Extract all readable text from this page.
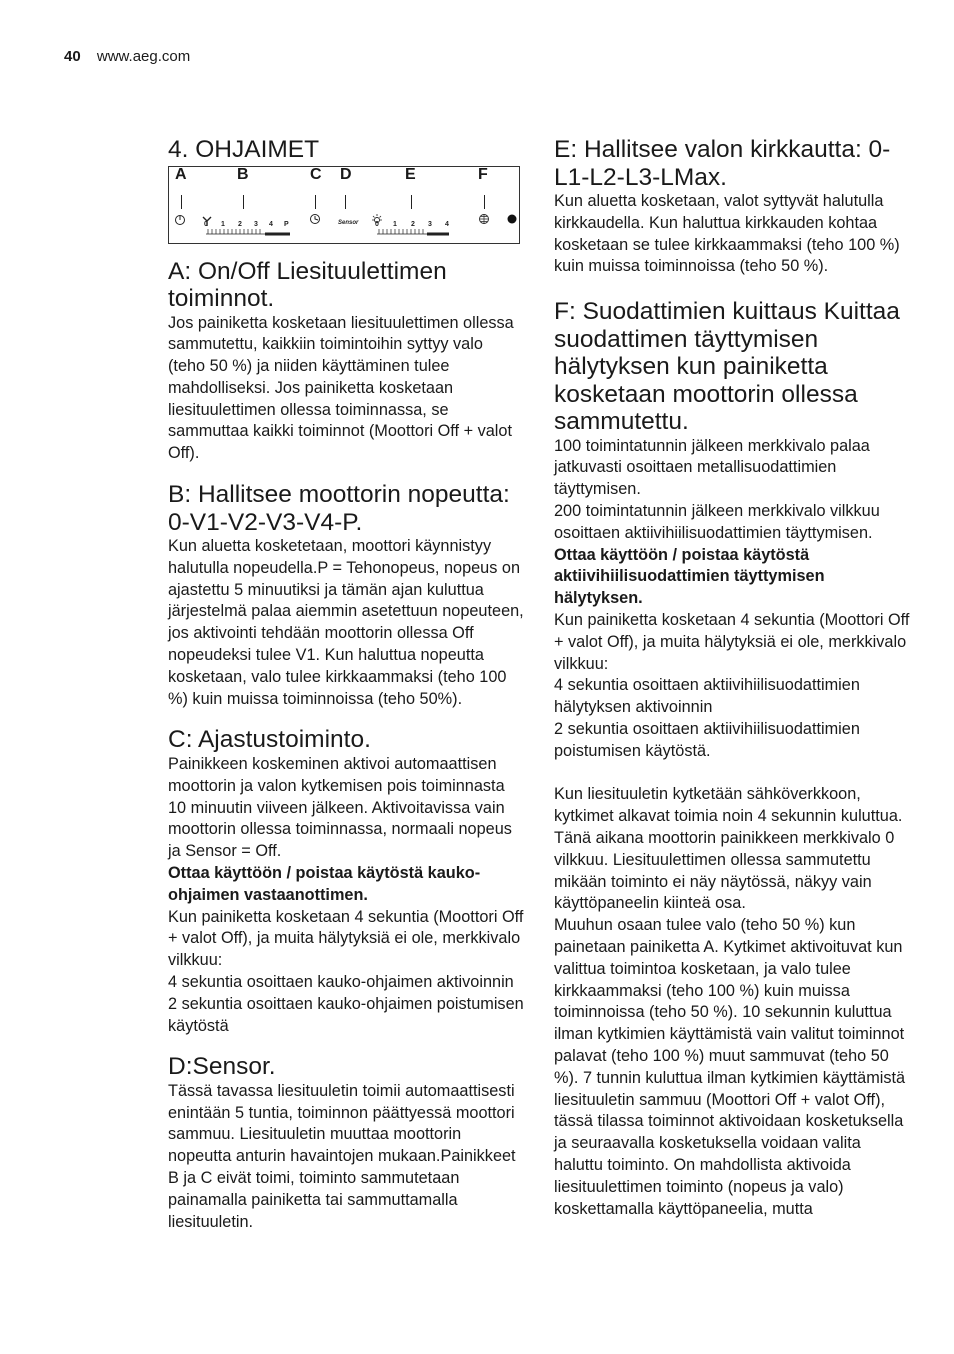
40 www.aeg.com
4. OHJAIMET
A	B	C D	E	F
0 1 2 3 4 P	Sensor 0 1 2 3 4
A: On/Off Liesituulettimen toiminnot.

Jos painiketta kosketaan liesituulettimen ollessa sammutettu, kaikkiin toimintoihin syttyy valo (teho 50 %) ja niiden käyttäminen tulee mahdolliseksi. Jos painiketta kosketaan liesituulettimen ollessa toiminnassa, se sammuttaa kaikki toiminnot (Moottori Off + valot Off).

B: Hallitsee moottorin nopeutta: 0-V1-V2-V3-V4-P.

Kun aluetta kosketetaan, moottori käynnistyy halutulla nopeudella.P = Tehonopeus, nopeus on ajastettu 5 minuutiksi ja tämän ajan kuluttua järjestelmä palaa aiemmin asetettuun nopeuteen, jos aktivointi tehdään moottorin ollessa Off nopeudeksi tulee V1. Kun haluttua nopeutta kosketaan, valo tulee kirkkaammaksi (teho 100 %) kuin muissa toiminnoissa (teho 50%).

C: Ajastustoiminto.

Painikkeen koskeminen aktivoi automaattisen moottorin ja valon kytkemisen pois toiminnasta 10 minuutin viiveen jälkeen. Aktivoitavissa vain moottorin ollessa toiminnassa, normaali nopeus ja Sensor = Off.

Ottaa käyttöön / poistaa käytöstä kauko-ohjaimen vastaanottimen.

Kun painiketta kosketaan 4 sekuntia (Moottori Off + valot Off), ja muita hälytyksiä ei ole, merkkivalo vilkkuu:

4 sekuntia osoittaen kauko-ohjaimen aktivoinnin

2 sekuntia osoittaen kauko-ohjaimen poistumisen käytöstä

D:Sensor.

Tässä tavassa liesituuletin toimii automaattisesti enintään 5 tuntia, toiminnon päättyessä moottori sammuu. Liesituuletin muuttaa moottorin nopeutta anturin havaintojen mukaan.Painikkeet B ja C eivät toimi, toiminto sammutetaan painamalla painiketta tai sammuttamalla liesituuletin.

E: Hallitsee valon kirkkautta: 0-L1-L2-L3-LMax.

Kun aluetta kosketaan, valot syttyvät halutulla kirkkaudella. Kun haluttua kirkkauden kohtaa kosketaan se tulee kirkkaammaksi (teho 100 %) kuin muissa toiminnoissa (teho 50 %).

F: Suodattimien kuittaus Kuittaa suodattimen täyttymisen hälytyksen kun painiketta kosketaan moottorin ollessa sammutettu.

100 toimintatunnin jälkeen merkkivalo palaa jatkuvasti osoittaen metallisuodattimien täyttymisen.

200 toimintatunnin jälkeen merkkivalo vilkkuu osoittaen aktiivihiilisuodattimien täyttymisen.

Ottaa käyttöön / poistaa käytöstä aktiivihiilisuodattimien täyttymisen hälytyksen.

Kun painiketta kosketaan 4 sekuntia (Moottori Off + valot Off), ja muita hälytyksiä ei ole, merkkivalo vilkkuu:

4 sekuntia osoittaen aktiivihiilisuodattimien hälytyksen aktivoinnin

2 sekuntia osoittaen aktiivihiilisuodattimien poistumisen käytöstä.

Kun liesituuletin kytketään sähköverkkoon, kytkimet alkavat toimia noin 4 sekunnin kuluttua. Tänä aikana moottorin painikkeen merkkivalo 0 vilkkuu. Liesituulettimen ollessa sammutettu mikään toiminto ei näy näytössä, näkyy vain käyttöpaneelin kiinteä osa.

Muuhun osaan tulee valo (teho 50 %) kun painetaan painiketta A. Kytkimet aktivoituvat kun valittua toimintoa kosketaan, ja valo tulee kirkkaammaksi (teho 100 %) kuin muissa toiminnoissa (teho 50 %). 10 sekunnin kuluttua ilman kytkimien käyttämistä vain valitut toiminnot palavat (teho 100 %) muut sammuvat (teho 50 %). 7 tunnin kuluttua ilman kytkimien käyttämistä liesituuletin sammuu (Moottori Off + valot Off), tässä tilassa toiminnot aktivoidaan kosketuksella ja seuraavalla kosketuksella voidaan valita haluttu toiminto. On mahdollista aktivoida liesituulettimen toiminto (nopeus ja valo) koskettamalla käyttöpaneelia, mutta
